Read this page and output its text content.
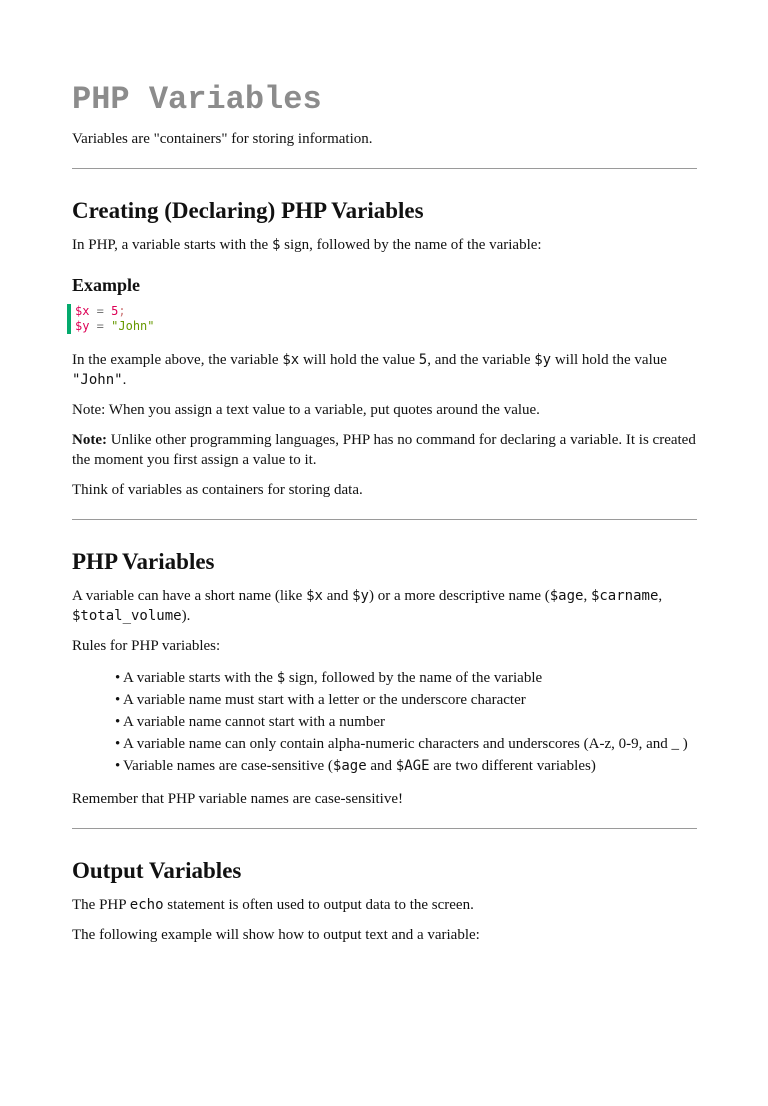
PHP Variables

Variables are "containers" for storing information.

Creating (Declaring) PHP Variables

In PHP, a variable starts with the $ sign, followed by the name of the variable:

Example
$x = 5;
$y = "John"

In the example above, the variable $x will hold the value 5, and the variable $y will hold the value "John".

Note: When you assign a text value to a variable, put quotes around the value.

Note: Unlike other programming languages, PHP has no command for declaring a variable. It is created the moment you first assign a value to it.

Think of variables as containers for storing data.

PHP Variables

A variable can have a short name (like $x and $y) or a more descriptive name ($age, $carname, $total_volume).

Rules for PHP variables:

• A variable starts with the $ sign, followed by the name of the variable
• A variable name must start with a letter or the underscore character
• A variable name cannot start with a number
• A variable name can only contain alpha-numeric characters and underscores (A-z, 0-9, and _ )
• Variable names are case-sensitive ($age and $AGE are two different variables)

Remember that PHP variable names are case-sensitive!

Output Variables

The PHP echo statement is often used to output data to the screen.

The following example will show how to output text and a variable:
